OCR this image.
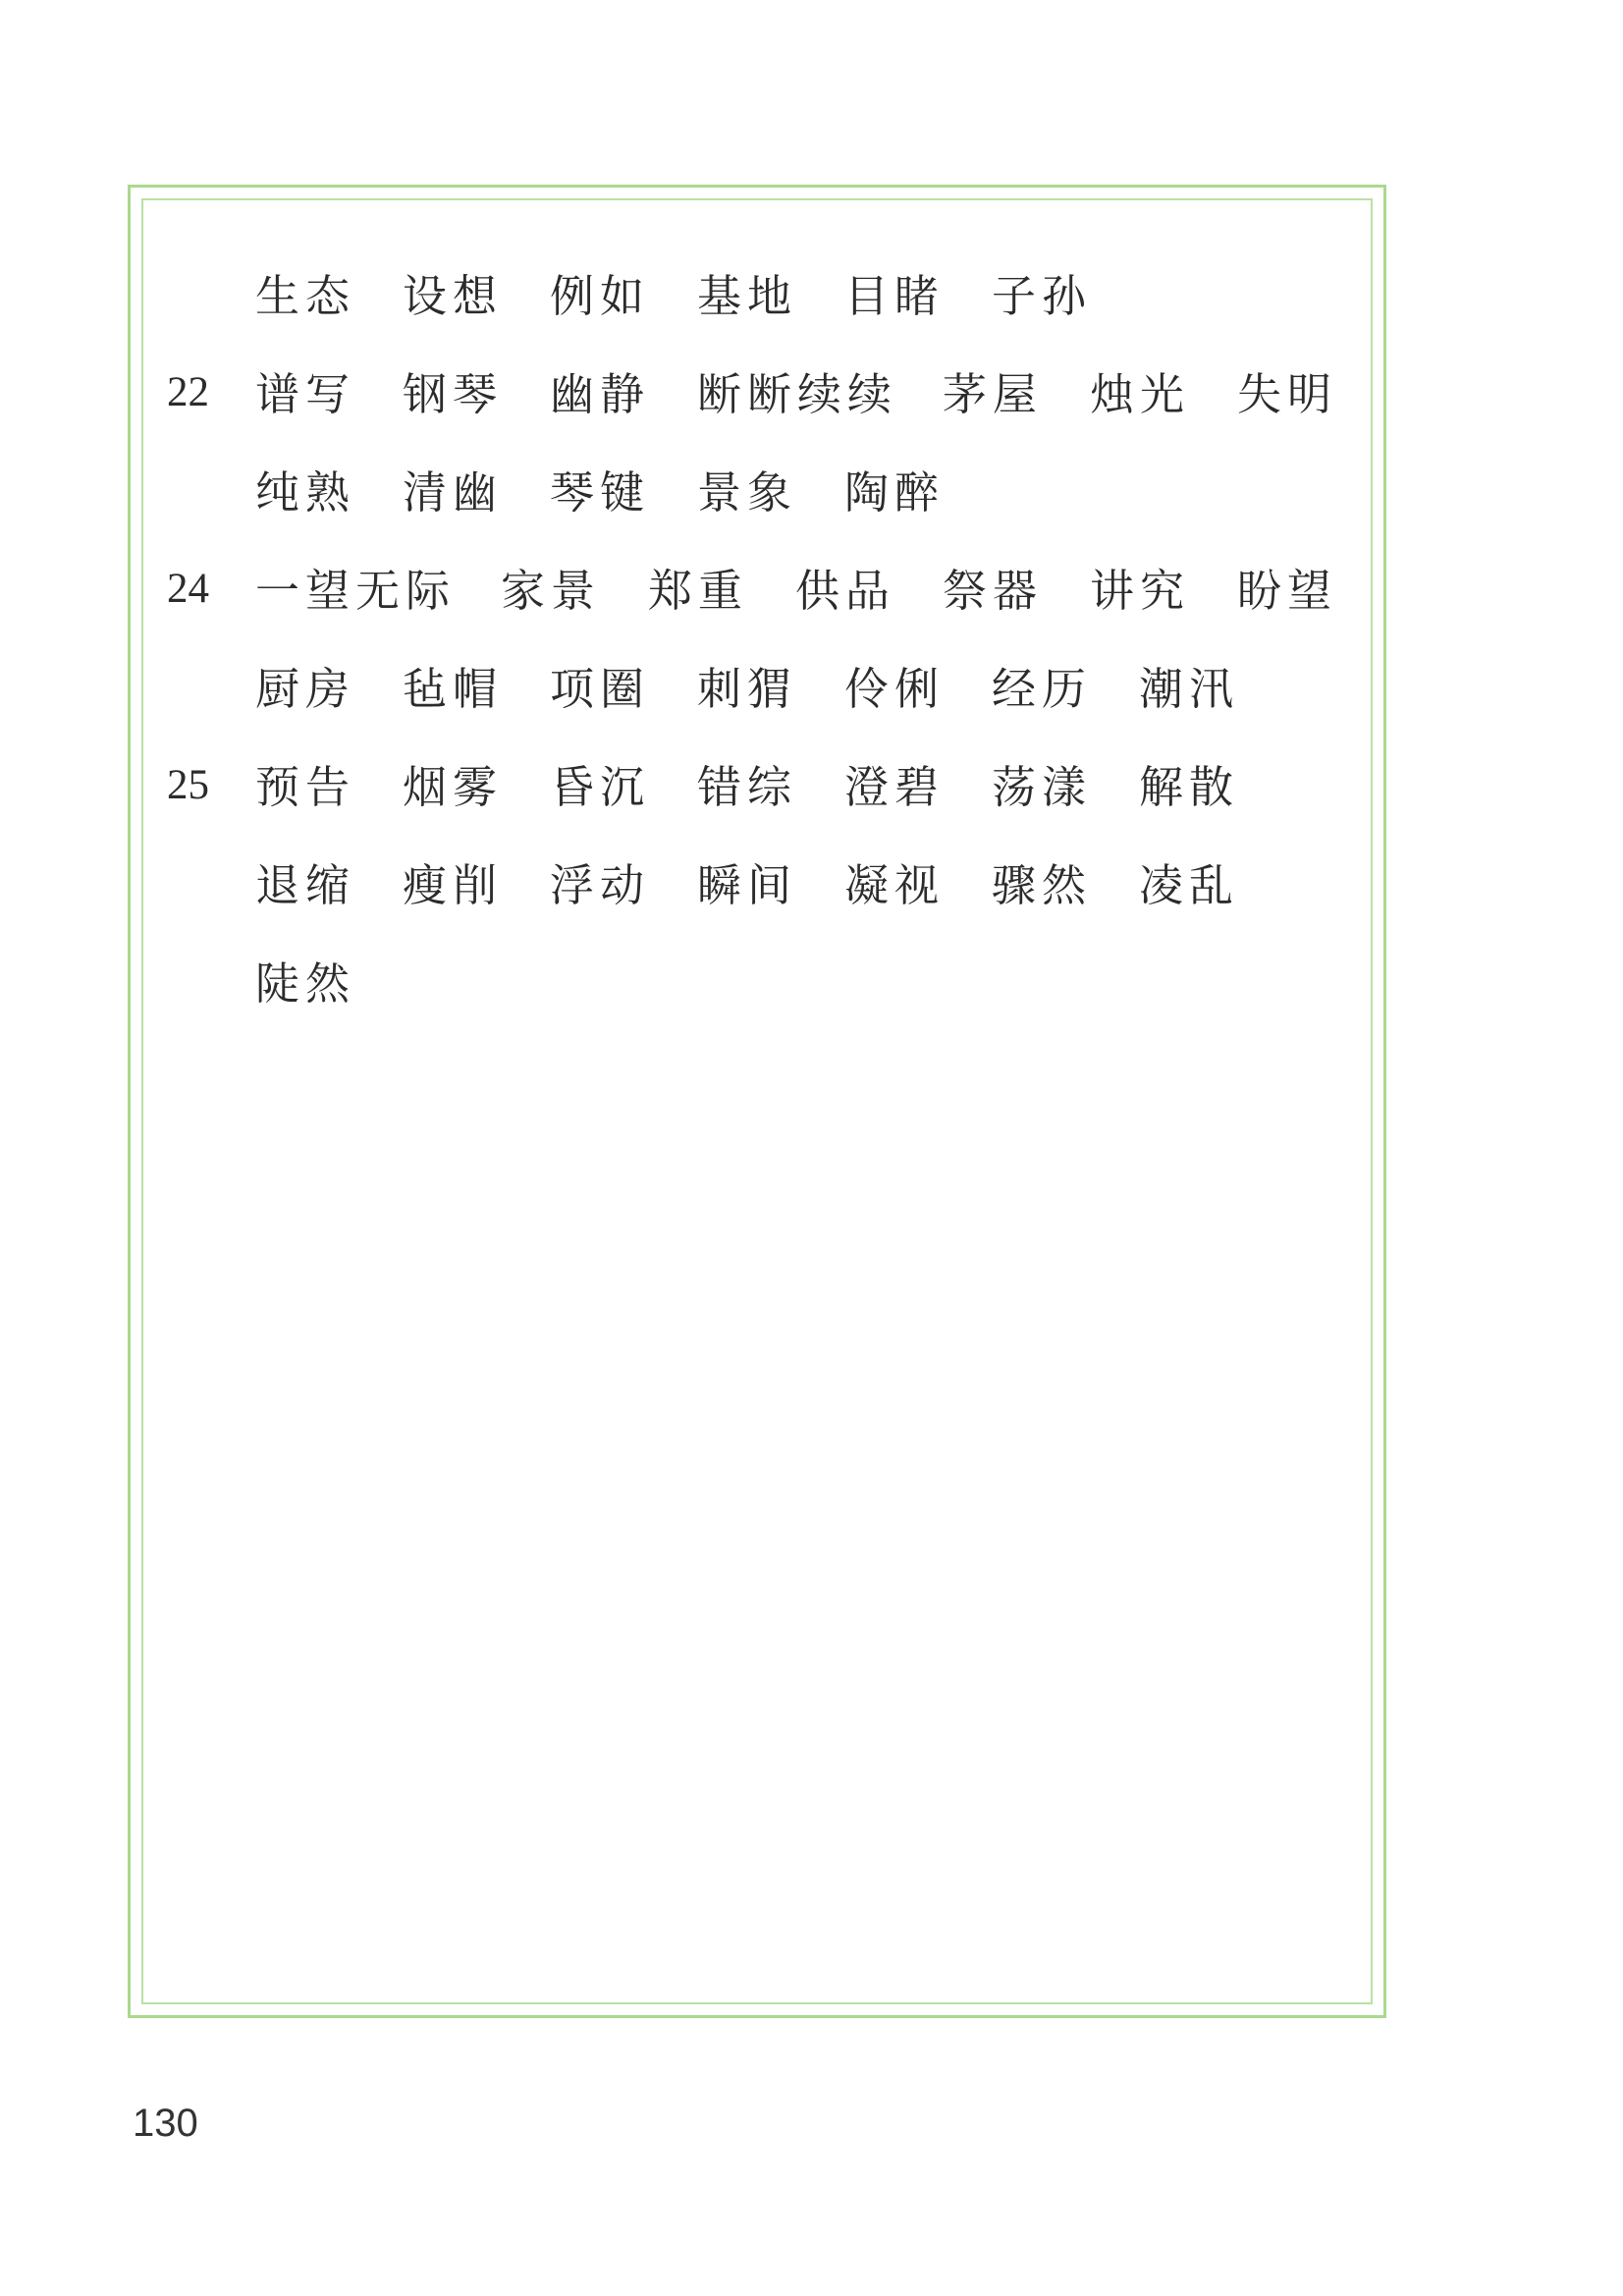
生态 设想 例如 基地 目睹 子孙
22 谱写 钢琴 幽静 断断续续 茅屋 烛光 失明
纯熟 清幽 琴键 景象 陶醉
24 一望无际 家景 郑重 供品 祭器 讲究 盼望
厨房 毡帽 项圈 刺猬 伶俐 经历 潮汛
25 预告 烟雾 昏沉 错综 澄碧 荡漾 解散
退缩 瘦削 浮动 瞬间 凝视 骤然 凌乱
陡然
130
